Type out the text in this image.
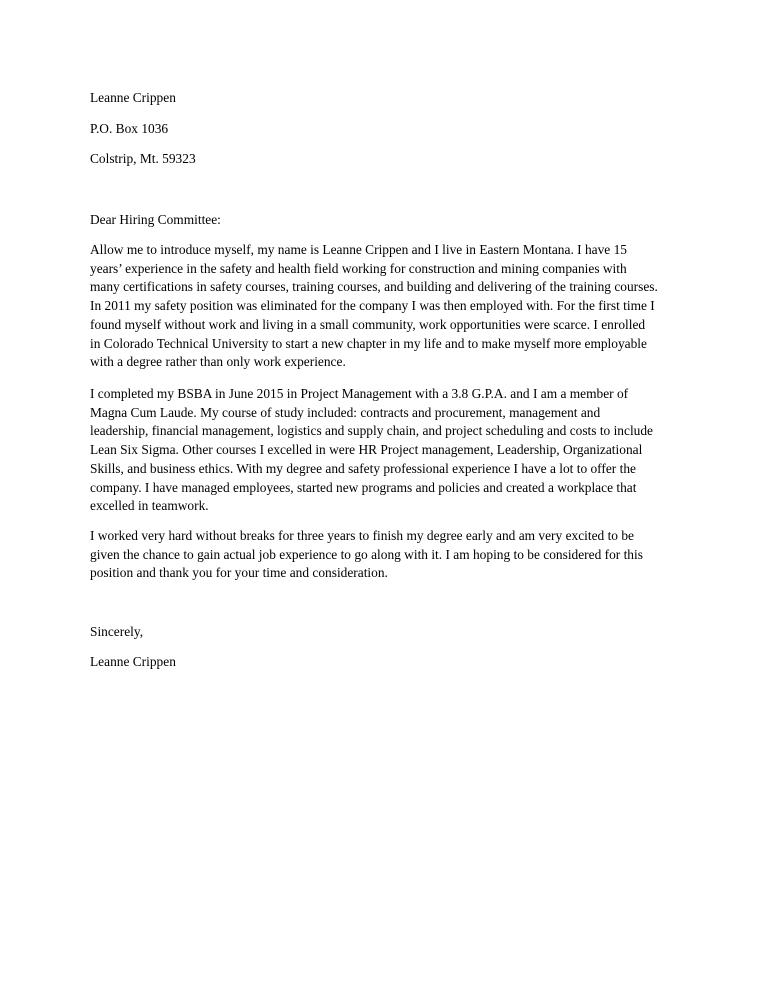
Leanne Crippen
P.O. Box 1036
Colstrip, Mt. 59323
Dear Hiring Committee:
Allow me to introduce myself, my name is Leanne Crippen and I live in Eastern Montana. I have 15
years’ experience in the safety and health field working for construction and mining companies with
many certifications in safety courses, training courses, and building and delivering of the training courses.
In 2011 my safety position was eliminated for the company I was then employed with. For the first time I
found myself without work and living in a small community, work opportunities were scarce. I enrolled
in Colorado Technical University to start a new chapter in my life and to make myself more employable
with a degree rather than only work experience.
I completed my BSBA in June 2015 in Project Management with a 3.8 G.P.A. and I am a member of
Magna Cum Laude. My course of study included: contracts and procurement, management and
leadership, financial management, logistics and supply chain, and project scheduling and costs to include
Lean Six Sigma. Other courses I excelled in were HR Project management, Leadership, Organizational
Skills, and business ethics. With my degree and safety professional experience I have a lot to offer the
company. I have managed employees, started new programs and policies and created a workplace that
excelled in teamwork.
I worked very hard without breaks for three years to finish my degree early and am very excited to be
given the chance to gain actual job experience to go along with it. I am hoping to be considered for this
position and thank you for your time and consideration.
Sincerely,
Leanne Crippen
